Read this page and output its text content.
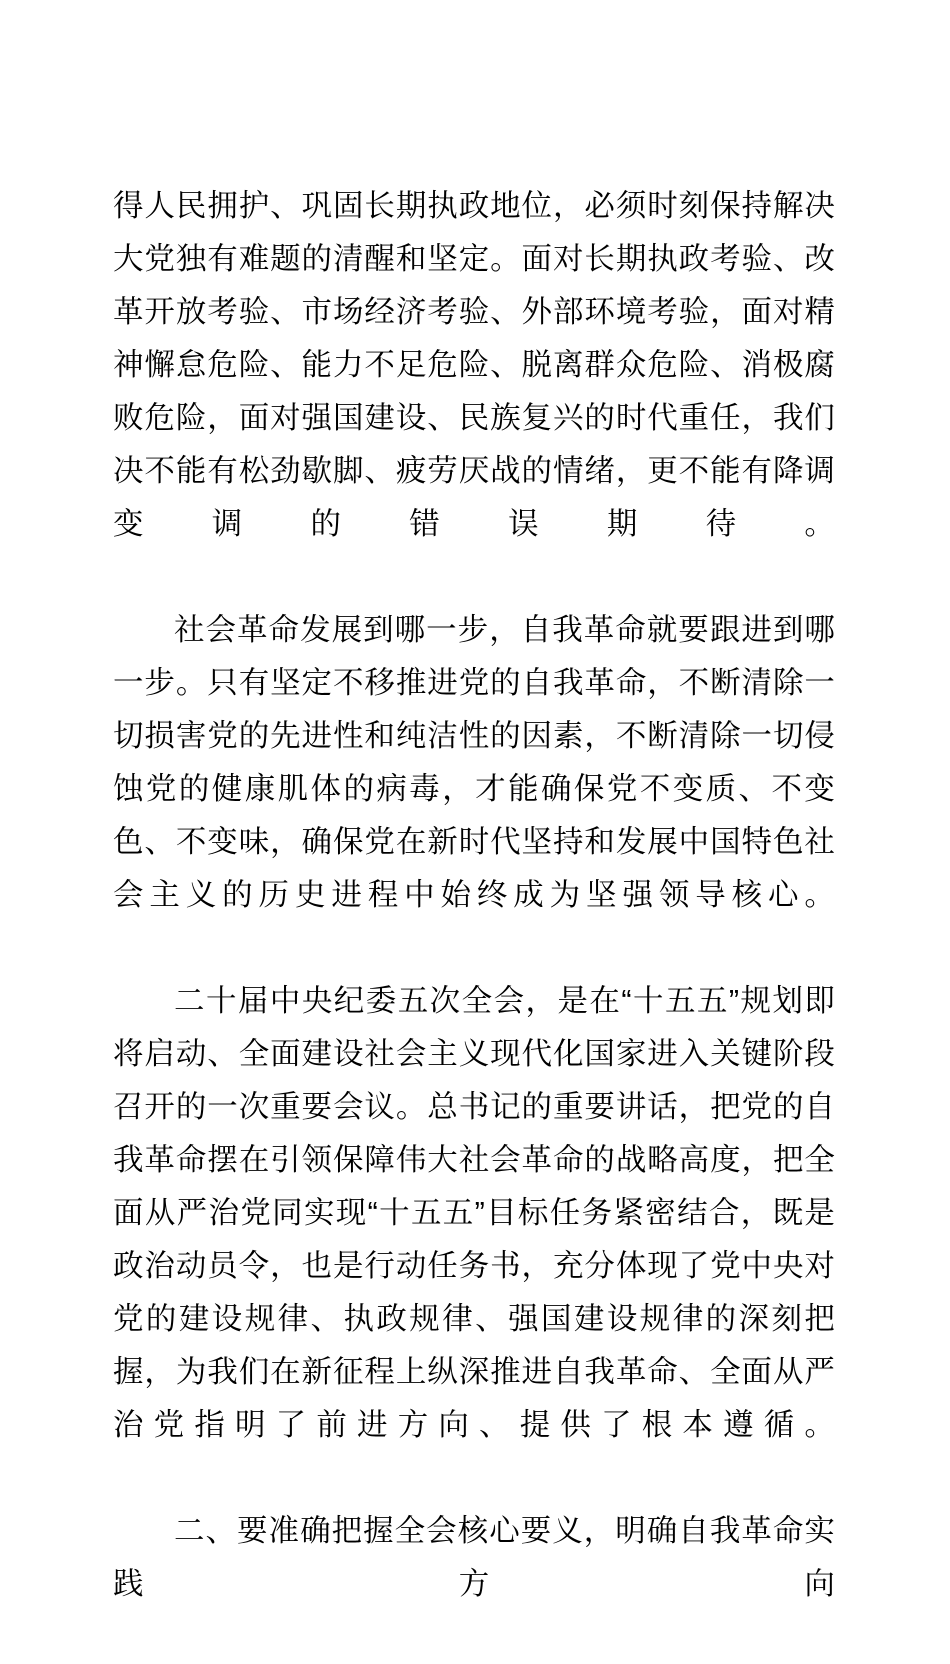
得人民拥护、巩固长期执政地位，必须时刻保持解决大党独有难题的清醒和坚定。面对长期执政考验、改革开放考验、市场经济考验、外部环境考验，面对精神懈怠危险、能力不足危险、脱离群众危险、消极腐败危险，面对强国建设、民族复兴的时代重任，我们决不能有松劲歇脚、疲劳厌战的情绪，更不能有降调变调的错误期待。

社会革命发展到哪一步，自我革命就要跟进到哪一步。只有坚定不移推进党的自我革命，不断清除一切损害党的先进性和纯洁性的因素，不断清除一切侵蚀党的健康肌体的病毒，才能确保党不变质、不变色、不变味，确保党在新时代坚持和发展中国特色社会主义的历史进程中始终成为坚强领导核心。

二十届中央纪委五次全会，是在“十五五”规划即将启动、全面建设社会主义现代化国家进入关键阶段召开的一次重要会议。总书记的重要讲话，把党的自我革命摆在引领保障伟大社会革命的战略高度，把全面从严治党同实现“十五五”目标任务紧密结合，既是政治动员令，也是行动任务书，充分体现了党中央对党的建设规律、执政规律、强国建设规律的深刻把握，为我们在新征程上纵深推进自我革命、全面从严治党指明了前进方向、提供了根本遵循。

二、要准确把握全会核心要义，明确自我革命实践方向
